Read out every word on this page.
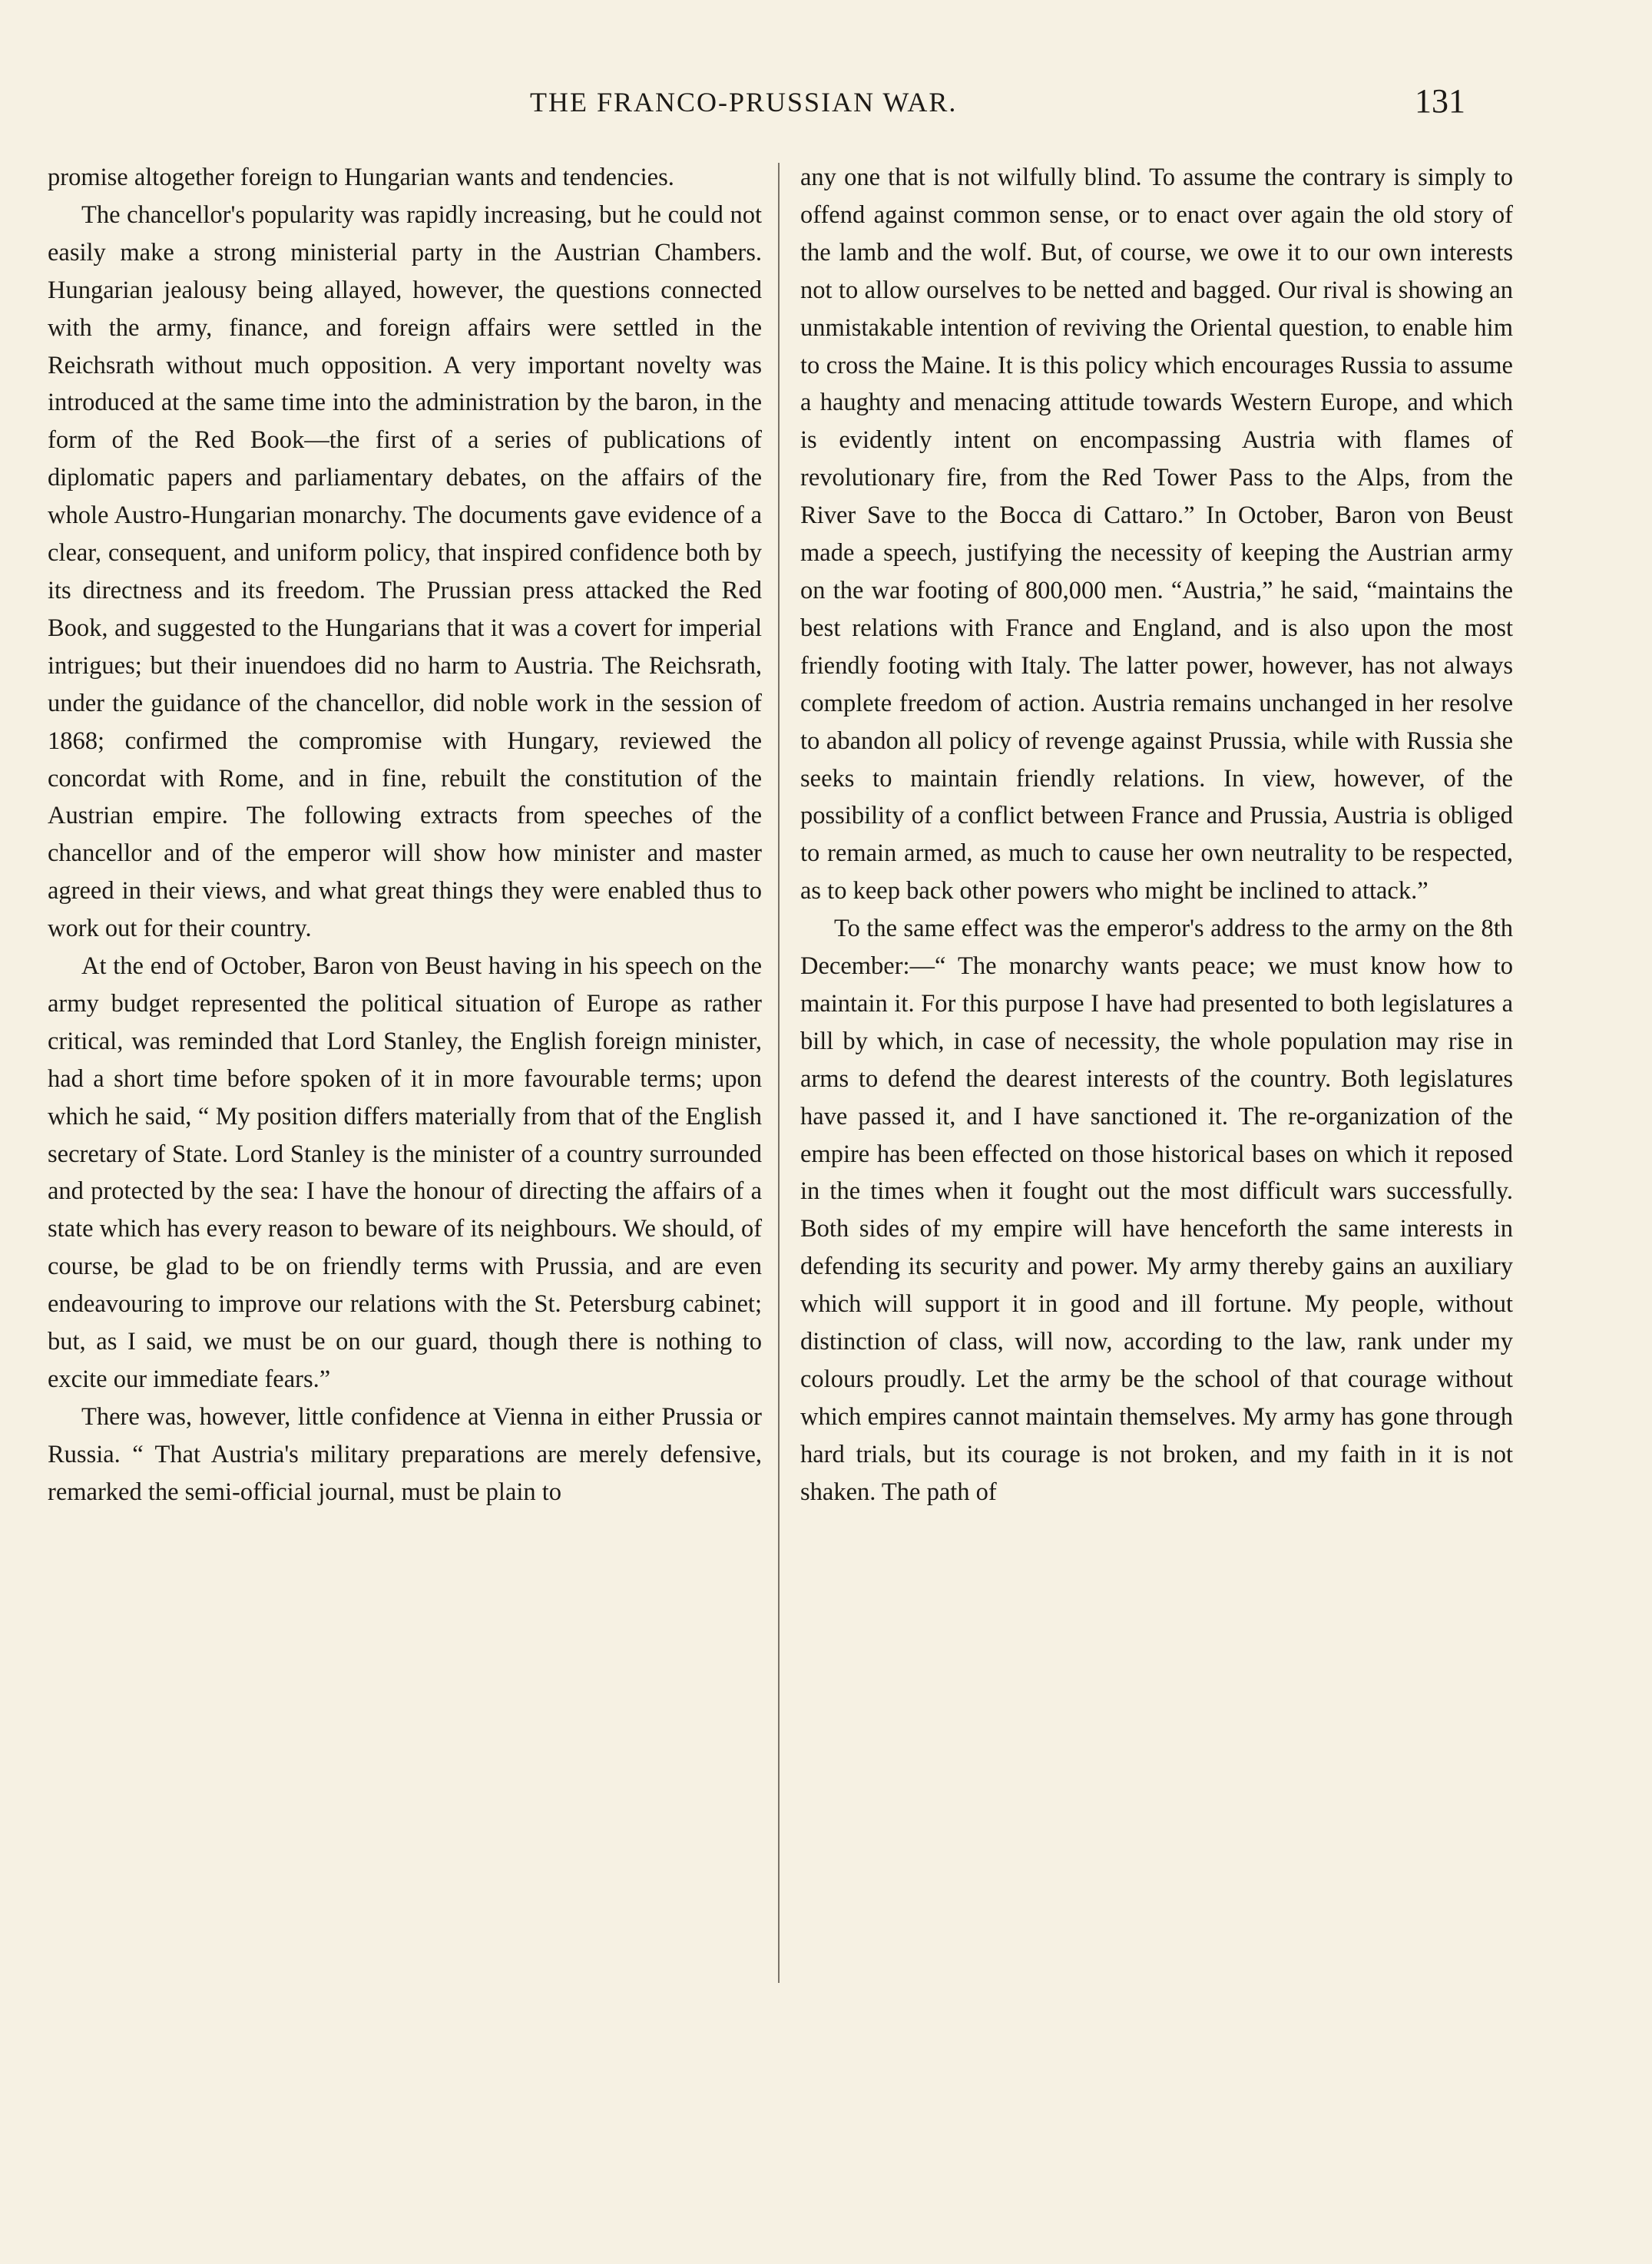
THE FRANCO-PRUSSIAN WAR.	131

promise altogether foreign to Hungarian wants and tendencies.

The chancellor's popularity was rapidly increasing, but he could not easily make a strong ministerial party in the Austrian Chambers. Hungarian jealousy being allayed, however, the questions connected with the army, finance, and foreign affairs were settled in the Reichsrath without much opposition. A very important novelty was introduced at the same time into the administration by the baron, in the form of the Red Book—the first of a series of publications of diplomatic papers and parliamentary debates, on the affairs of the whole Austro-Hungarian monarchy. The documents gave evidence of a clear, consequent, and uniform policy, that inspired confidence both by its directness and its freedom. The Prussian press attacked the Red Book, and suggested to the Hungarians that it was a covert for imperial intrigues; but their inuendoes did no harm to Austria. The Reichsrath, under the guidance of the chancellor, did noble work in the session of 1868; confirmed the compromise with Hungary, reviewed the concordat with Rome, and in fine, rebuilt the constitution of the Austrian empire. The following extracts from speeches of the chancellor and of the emperor will show how minister and master agreed in their views, and what great things they were enabled thus to work out for their country.

At the end of October, Baron von Beust having in his speech on the army budget represented the political situation of Europe as rather critical, was reminded that Lord Stanley, the English foreign minister, had a short time before spoken of it in more favourable terms; upon which he said, “ My position differs materially from that of the English secretary of State. Lord Stanley is the minister of a country surrounded and protected by the sea: I have the honour of directing the affairs of a state which has every reason to beware of its neighbours. We should, of course, be glad to be on friendly terms with Prussia, and are even endeavouring to improve our relations with the St. Petersburg cabinet; but, as I said, we must be on our guard, though there is nothing to excite our immediate fears.”

There was, however, little confidence at Vienna in either Prussia or Russia. “ That Austria's military preparations are merely defensive, remarked the semi-official journal, must be plain to

any one that is not wilfully blind. To assume the contrary is simply to offend against common sense, or to enact over again the old story of the lamb and the wolf. But, of course, we owe it to our own interests not to allow ourselves to be netted and bagged. Our rival is showing an unmistakable intention of reviving the Oriental question, to enable him to cross the Maine. It is this policy which encourages Russia to assume a haughty and menacing attitude towards Western Europe, and which is evidently intent on encompassing Austria with flames of revolutionary fire, from the Red Tower Pass to the Alps, from the River Save to the Bocca di Cattaro.” In October, Baron von Beust made a speech, justifying the necessity of keeping the Austrian army on the war footing of 800,000 men. “Austria,” he said, “maintains the best relations with France and England, and is also upon the most friendly footing with Italy. The latter power, however, has not always complete freedom of action. Austria remains unchanged in her resolve to abandon all policy of revenge against Prussia, while with Russia she seeks to maintain friendly relations. In view, however, of the possibility of a conflict between France and Prussia, Austria is obliged to remain armed, as much to cause her own neutrality to be respected, as to keep back other powers who might be inclined to attack.”

To the same effect was the emperor's address to the army on the 8th December:—“ The monarchy wants peace; we must know how to maintain it. For this purpose I have had presented to both legislatures a bill by which, in case of necessity, the whole population may rise in arms to defend the dearest interests of the country. Both legislatures have passed it, and I have sanctioned it. The re-organization of the empire has been effected on those historical bases on which it reposed in the times when it fought out the most difficult wars successfully. Both sides of my empire will have henceforth the same interests in defending its security and power. My army thereby gains an auxiliary which will support it in good and ill fortune. My people, without distinction of class, will now, according to the law, rank under my colours proudly. Let the army be the school of that courage without which empires cannot maintain themselves. My army has gone through hard trials, but its courage is not broken, and my faith in it is not shaken. The path of
